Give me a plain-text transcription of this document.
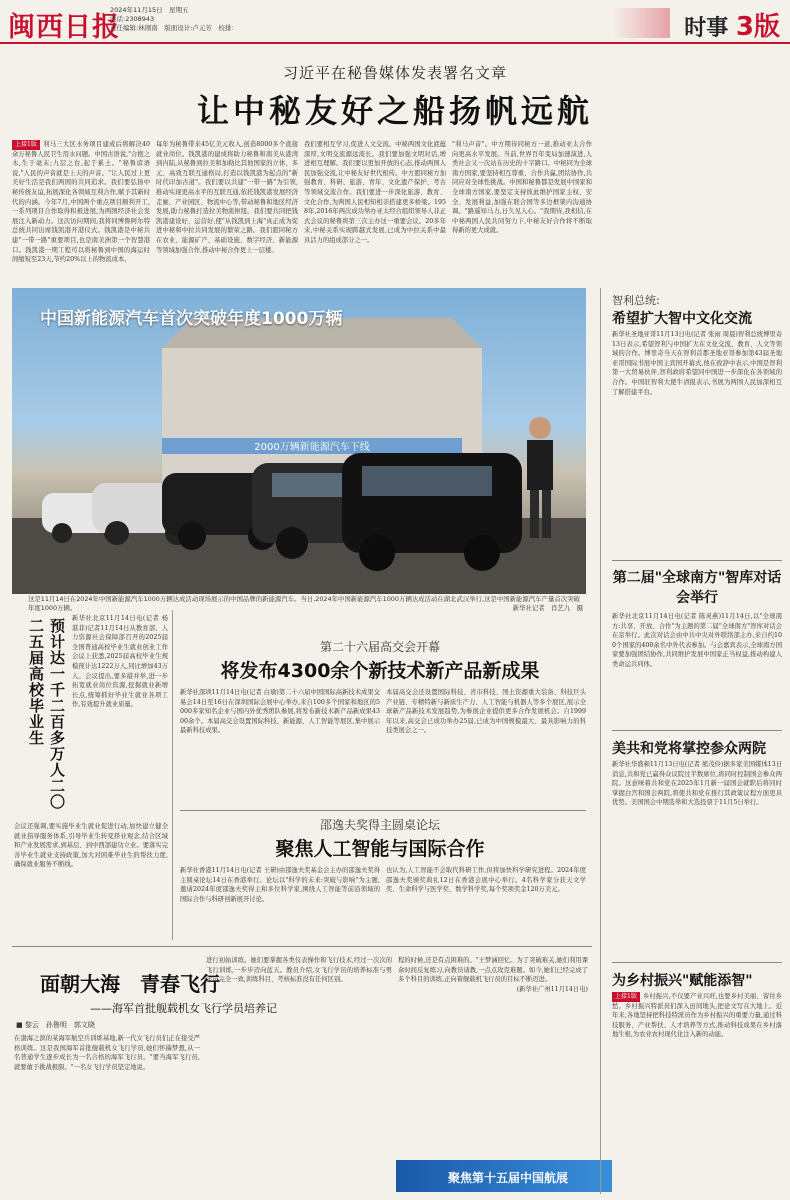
闽西日报
2024年11月15日　星期五
电话:2308943
责任编辑:林刚南　版面设计:卢元芳　校排：	时事 3版
习近平在秘鲁媒体发表署名文章
让中秘友好之船扬帆远航
上接1版 利马三大区水务项目建成后将解决40余万秘鲁人民卫生用水问题。中国古语说,"合抱之木,生于毫末;九层之台,起于累土。"秘鲁谚语说,"人民的声音就是上天的声音。"让人民过上更美好生活是我们两国的共同追求。我们要弘扬中秘传统友谊,拓展深化各领域互利合作,赋予其新时代的内涵。今年7月,中国两个重点项目顺利开工,一系列项目合作取得积极进展,为两国经济社会发展注入新动力。这次访问期间,我将同博鲁阿尔特总统共同出席钱凯港开港仪式。钱凯港是中秘共建"一带一路"重要项目,也是南美洲第一个智慧港口。钱凯港一期工程可以将秘鲁到中国的海运时间缩短至23天,节约20%以上的物流成本。
每年为秘鲁带来45亿美元收入,创造8000多个直接就业岗位。钱凯港的建成将助力秘鲁和南美从港湾到内陆,从秘鲁到拉美和加勒比其他国家的立体、多元、高效互联互通格局,打造以钱凯港为起点的"新时代印加古道"。我们要以共建"一带一路"为引领,推动实现更高水平的互联互通,依托钱凯港发展经济走廊、产业园区、物流中心等,带动秘鲁和地区经济发展,助力秘鲁打造拉美物流枢纽。我们要共同把钱凯港建设好、运营好,使"从钱凯到上海"真正成为促进中秘和中拉共同发展的繁荣之路。我们愿同秘方在农业、能源矿产、基础设施、数字经济、新能源等领域加强合作,推动中秘合作更上一层楼。
我们要相互学习,促进人文交流。中秘两国文化底蕴深厚,文明交流源远流长。我们要加强文明对话,增进相互理解。我们要以更加开放的心态,推动两国人民加强交流,让中秘友好世代相传。中方愿同秘方加强教育、科研、旅游、青年、文化遗产保护、考古等领域交流合作。我们要进一步深化旅游、教育、文化合作,为两国人民相知相亲搭建更多桥梁。1958年,2016年两次成功举办亚太经合组织领导人非正式会议的秘鲁将第三次主办这一重要会议。20多年来,中秘关系实现跨越式发展,已成为中拉关系中最具活力的组成部分之一。
"利马声音"。中方期待同秘方一道,推动亚太合作向更高水平发展。当前,世界百年变局加速演进,人类社会又一次站在历史的十字路口。中秘同为全球南方国家,要坚持相互尊重、合作共赢,团结协作,共同应对全球性挑战。中国和秘鲁都是发展中国家和全球南方国家,要坚定支持彼此维护国家主权、安全、发展利益,加强在联合国等多边框架内沟通协调。"路遥知马力,日久见人心。"我期待,我相信,在中秘两国人民共同努力下,中秘友好合作将不断取得新的更大成就。
2000万辆新能源汽车下线
中国新能源汽车首次突破年度1000万辆
这是11月14日在2024年中国新能源汽车1000万辆达成活动现场展示的中国品牌的新能源汽车。当日,2024年中国新能源汽车1000万辆达成活动在湖北武汉举行,这是中国新能源汽车产量首次突破年度1000万辆。	新华社记者　肖艺九　摄
预计达一千二百多万人二〇二五届高校毕业生	新华社北京11月14日电(记者 杨湛菲)记者11月14日从教育部、人力资源社会保障部召开的2025届全国普通高校毕业生就业创业工作会议上获悉,2025届高校毕业生规模预计达1222万人,同比增加43万人。会议提出,要多措并举,进一步拓宽就业岗位资源,挖掘就业新增长点,统筹抓好毕业生就业各项工作,有效提升就业质量。
会议还强调,要实施毕业生就业促进行动,加快建立健全就业指导服务体系,引导毕业生转变择业观念,结合区域和产业发展需求,到基层、到中西部建功立业。要落实完善毕业生就业支持政策,加大对困难毕业生的帮扶力度,确保就业服务不断线。
第二十六届高交会开幕
将发布4300余个新技术新产品新成果
新华社深圳11月14日电(记者 白瑜)第二十六届中国国际高新技术成果交易会14日至16日在深圳国际会展中心举办,来自100多个国家和地区的5000多家知名企业与国内外优秀团队参展,将发布新技术新产品新成果4300余个。本届高交会设置国际科技、新能源、人工智能等展区,集中展示最新科技成果。
本届高交会还设置国际科技、省市科技、国土资源重大装备、科技巨头产业链、专精特新与新质生产力、人工智能与机器人等多个展区,展示全球新产品新技术发展趋势,为参展企业提供更多合作发展机会。自1999年以来,高交会已成功举办25届,已成为中国规模最大、最具影响力的科技类展会之一。
邵逸夫奖得主圆桌论坛
聚焦人工智能与国际合作
新华社香港11月14日电(记者 王研)由邵逸夫奖基金会主办的邵逸夫奖得主圆桌论坛14日在香港举行。论坛以"科学的未来:突破与影响"为主题,邀请2024年度邵逸夫奖得主和多位科学家,围绕人工智能等前沿领域的国际合作与科研创新展开讨论。
也认为,人工智能不会取代科研工作,但将加快科学研究进程。2024年度邵逸夫奖颁奖典礼12日在香港会展中心举行。4名科学家分获天文学奖、生命科学与医学奖、数学科学奖,每个奖项奖金120万美元。
面朝大海　青春飞行
——海军首批舰载机女飞行学员培养记
■ 黎云　孙鲁明　郭文晓
在渤海之滨的某海军航空兵训练基地,新一代女飞行员们正在接受严格训练。这是我国海军首批舰载机女飞行学员,她们怀揣梦想,从一名普通学生逐步成长为一名合格的海军飞行员。"要当海军飞行员,就要敢于挑战极限。"一名女飞行学员坚定地说。
进行初始训练。她们要掌握各类仪表操作和飞行技术,经过一次次的飞行训练,一步步迈向蓝天。教员介绍,女飞行学员的培养标准与男学员完全一致,训练科目、考核标准没有任何区别。
程的时候,还是有点困难的。"王梦涵回忆。为了突破难关,她们利用课余时间反复练习,向教员请教,一点点攻克难题。如今,她们已经完成了多个科目的训练,正向着舰载机飞行员的目标不断迈进。
(新华社广州11月14日电)
聚焦第十五届中国航展
智利总统:
希望扩大智中文化交流
新华社圣地亚哥11月13日电(记者 张雨 周晨)智利总统博里奇13日表示,希望智利与中国扩大在文化交流、教育、人文等领域的合作。博里奇当天在智利首都圣地亚哥参加第43届圣地亚哥国际书展中国主宾国开幕式,他在致辞中表示,中国是智利第一大贸易伙伴,智利政府希望同中国进一步深化在各领域的合作。中国驻智利大使牛清报表示,书展为两国人民加深相互了解搭建平台。
第二届"全球南方"智库对话会举行
新华社北京11月14日电(记者 陈灵燕)11月14日,以"全球南方:共享、开放、合作"为主题的第二届"全球南方"智库对话会在京举行。此次对话会由中共中央对外联络部主办,来自约100个国家的400余名中外代表参加。与会嘉宾表示,全球南方国家要加强团结协作,共同维护发展中国家正当权益,推动构建人类命运共同体。
美共和党将掌控参众两院
新华社华盛顿11月13日电(记者 熊茂伶)据多家美国媒体13日消息,共和党已赢得众议院过半数席位,将同时控制国会参众两院。这意味着共和党在2025年1月新一届国会就职后将同时掌握白宫和国会两院,将使共和党在推行其政策议程方面更具优势。美国国会中期选举和大选投票于11月5日举行。
为乡村振兴"赋能添智"
上接1版 乡村振兴,不仅要产业兴旺,也要乡村美丽、留住乡愁。乡村振兴特派员们深入田间地头,把论文写在大地上。近年来,各地坚持把科技特派员作为乡村振兴的重要力量,通过科技服务、产业帮扶、人才培养等方式,推动科技成果在乡村落地生根,为农业农村现代化注入新的动能。
